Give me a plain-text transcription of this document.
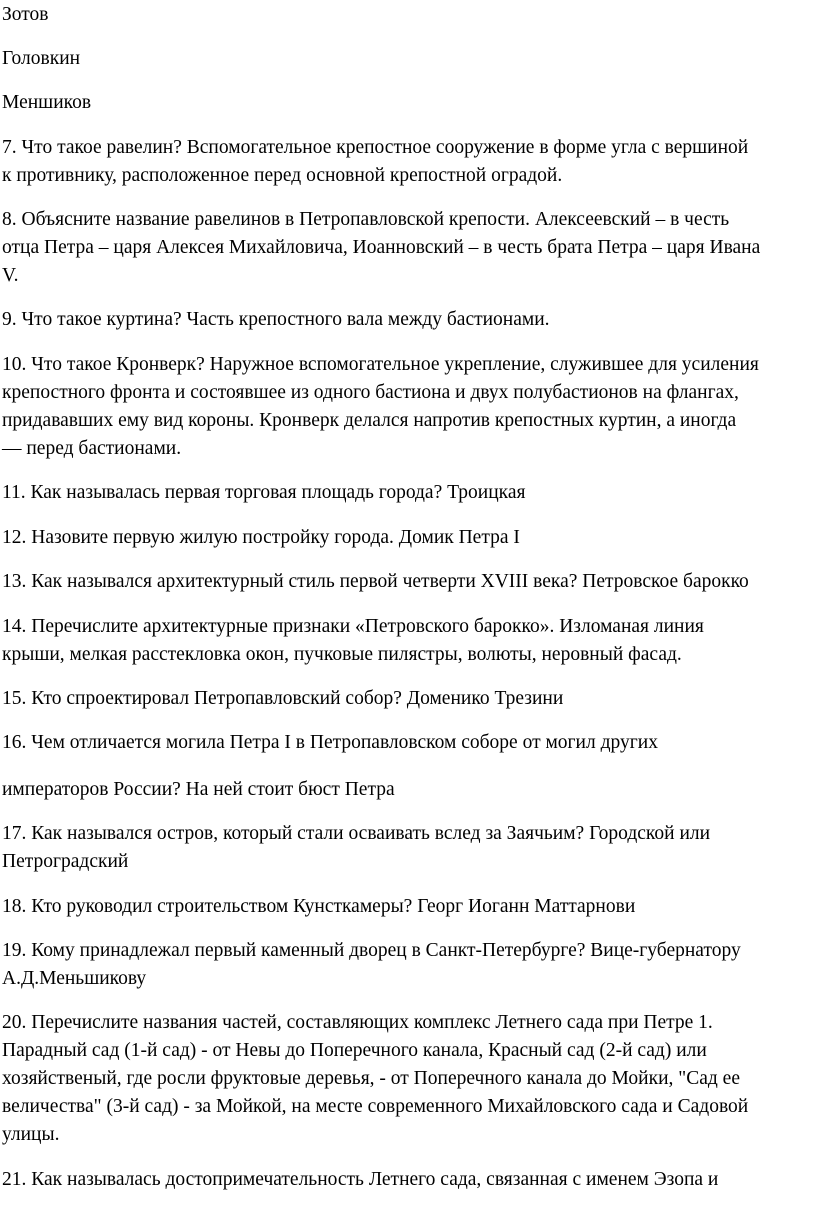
Зотов
Головкин
Меншиков
7. Что такое равелин? Вспомогательное крепостное сооружение в форме угла с вершиной
к противнику, расположенное перед основной крепостной оградой.
8. Объясните название равелинов в Петропавловской крепости. Алексеевский – в честь
отца Петра – царя Алексея Михайловича, Иоанновский – в честь брата Петра – царя Ивана
V.
9. Что такое куртина? Часть крепостного вала между бастионами.
10. Что такое Кронверк? Наружное вспомогательное укрепление, служившее для усиления
крепостного фронта и состоявшее из одного бастиона и двух полубастионов на флангах,
придававших ему вид короны. Кронверк делался напротив крепостных куртин, а иногда
— перед бастионами.
11. Как называлась первая торговая площадь города? Троицкая
12. Назовите первую жилую постройку города. Домик Петра I
13. Как назывался архитектурный стиль первой четверти XVIII века? Петровское барокко
14. Перечислите архитектурные признаки «Петровского барокко». Изломаная линия
крыши, мелкая расстекловка окон, пучковые пилястры, волюты, неровный фасад.
15. Кто спроектировал Петропавловский собор? Доменико Трезини
16. Чем отличается могила Петра I в Петропавловском соборе от могил других
императоров России? На ней стоит бюст Петра
17. Как назывался остров, который стали осваивать вслед за Заячьим? Городской или
Петроградский
18. Кто руководил строительством Кунсткамеры? Георг Иоганн Маттарнови
19. Кому принадлежал первый каменный дворец в Санкт-Петербурге? Вице-губернатору
А.Д.Меньшикову
20. Перечислите названия частей, составляющих комплекс Летнего сада при Петре 1.
Парадный сад (1-й сад) - от Невы до Поперечного канала, Красный сад (2-й сад) или
хозяйственый, где росли фруктовые деревья, - от Поперечного канала до Мойки, "Сад ее
величества" (3-й сад) - за Мойкой, на месте современного Михайловского сада и Садовой
улицы.
21. Как называлась достопримечательность Летнего сада, связанная с именем Эзопа и
